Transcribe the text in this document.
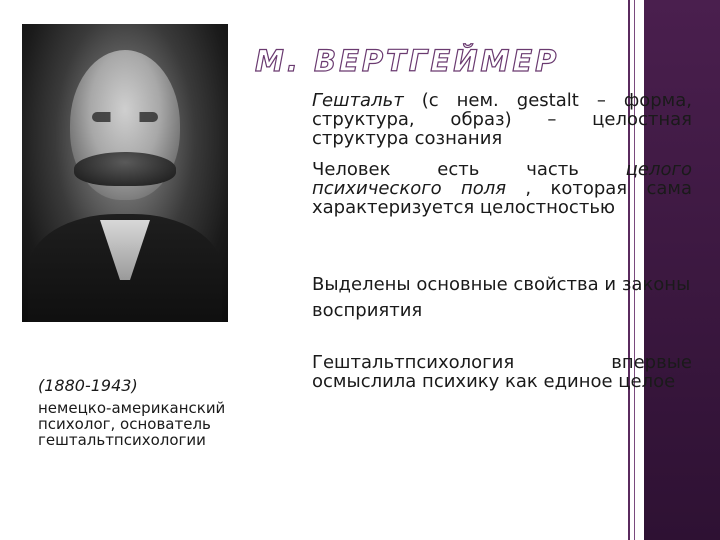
М. ВЕРТГЕЙМЕР

Гештальт (с нем. gestalt – форма, структура, образ) – целостная структура сознания

Человек есть часть целого психического поля , которая сама характеризуется целостностью

Выделены основные свойства и законы восприятия

Гештальтпсихология впервые осмыслила психику как единое целое

(1880-1943)
немецко-американский психолог, основатель гештальтпсихологии
